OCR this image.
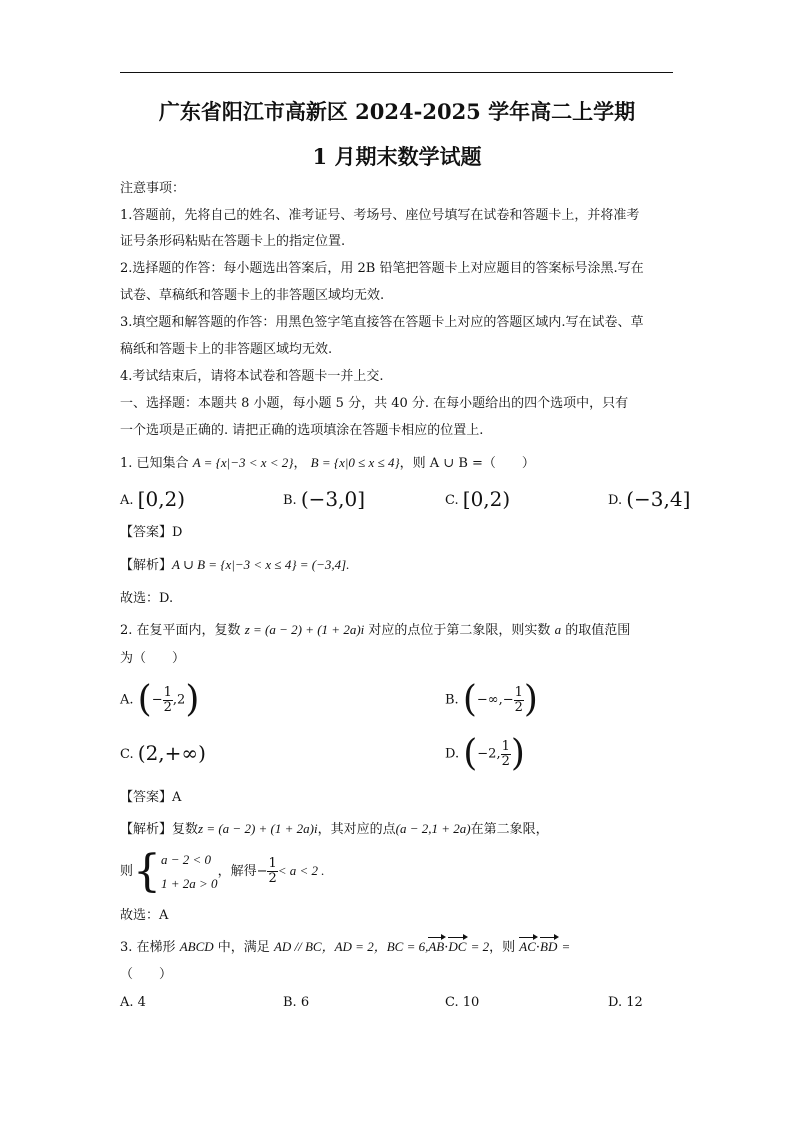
广东省阳江市高新区 2024-2025 学年高二上学期
1 月期末数学试题
注意事项：
1.答题前，先将自己的姓名、准考证号、考场号、座位号填写在试卷和答题卡上，并将准考
证号条形码粘贴在答题卡上的指定位置.
2.选择题的作答：每小题选出答案后，用 2B 铅笔把答题卡上对应题目的答案标号涂黑.写在
试卷、草稿纸和答题卡上的非答题区域均无效.
3.填空题和解答题的作答：用黑色签字笔直接答在答题卡上对应的答题区域内.写在试卷、草
稿纸和答题卡上的非答题区域均无效.
4.考试结束后，请将本试卷和答题卡一并上交.
一、选择题：本题共 8 小题，每小题 5 分，共 40 分. 在每小题给出的四个选项中，只有
一个选项是正确的. 请把正确的选项填涂在答题卡相应的位置上.
1. 已知集合 A = {x|−3 < x < 2}， B = {x|0 ≤ x ≤ 4}，则 A ∪ B =（　　）
A. [0,2)	B. (−3,0]	C. [0,2)	D. (−3,4]
【答案】D
【解析】A ∪ B = {x|−3 < x ≤ 4} = (−3,4].
故选：D.
2. 在复平面内，复数 z = (a − 2) + (1 + 2a)i 对应的点位于第二象限，则实数 a 的取值范围
为（　　）
A. (− $\frac{1}{2} ,2$)	B. (−∞,− $\frac{1}{2}$ )
C. (2,+∞)	D. (−2, $\frac{1}{2}$ )
【答案】A
【解析】复数z = (a − 2) + (1 + 2a)i，其对应的点(a − 2,1 + 2a)在第二象限，
则{ a − 2 < 0
1 + 2a > 0
，解得− $\frac{1}{2} < a < 2$ .
故选：A
3. 在梯形 ABCD 中，满足 AD // BC，AD = 2，BC = 6,AB·DC = 2，则 AC·BD =
（　　）
A. 4	B. 6	C. 10	D. 12
